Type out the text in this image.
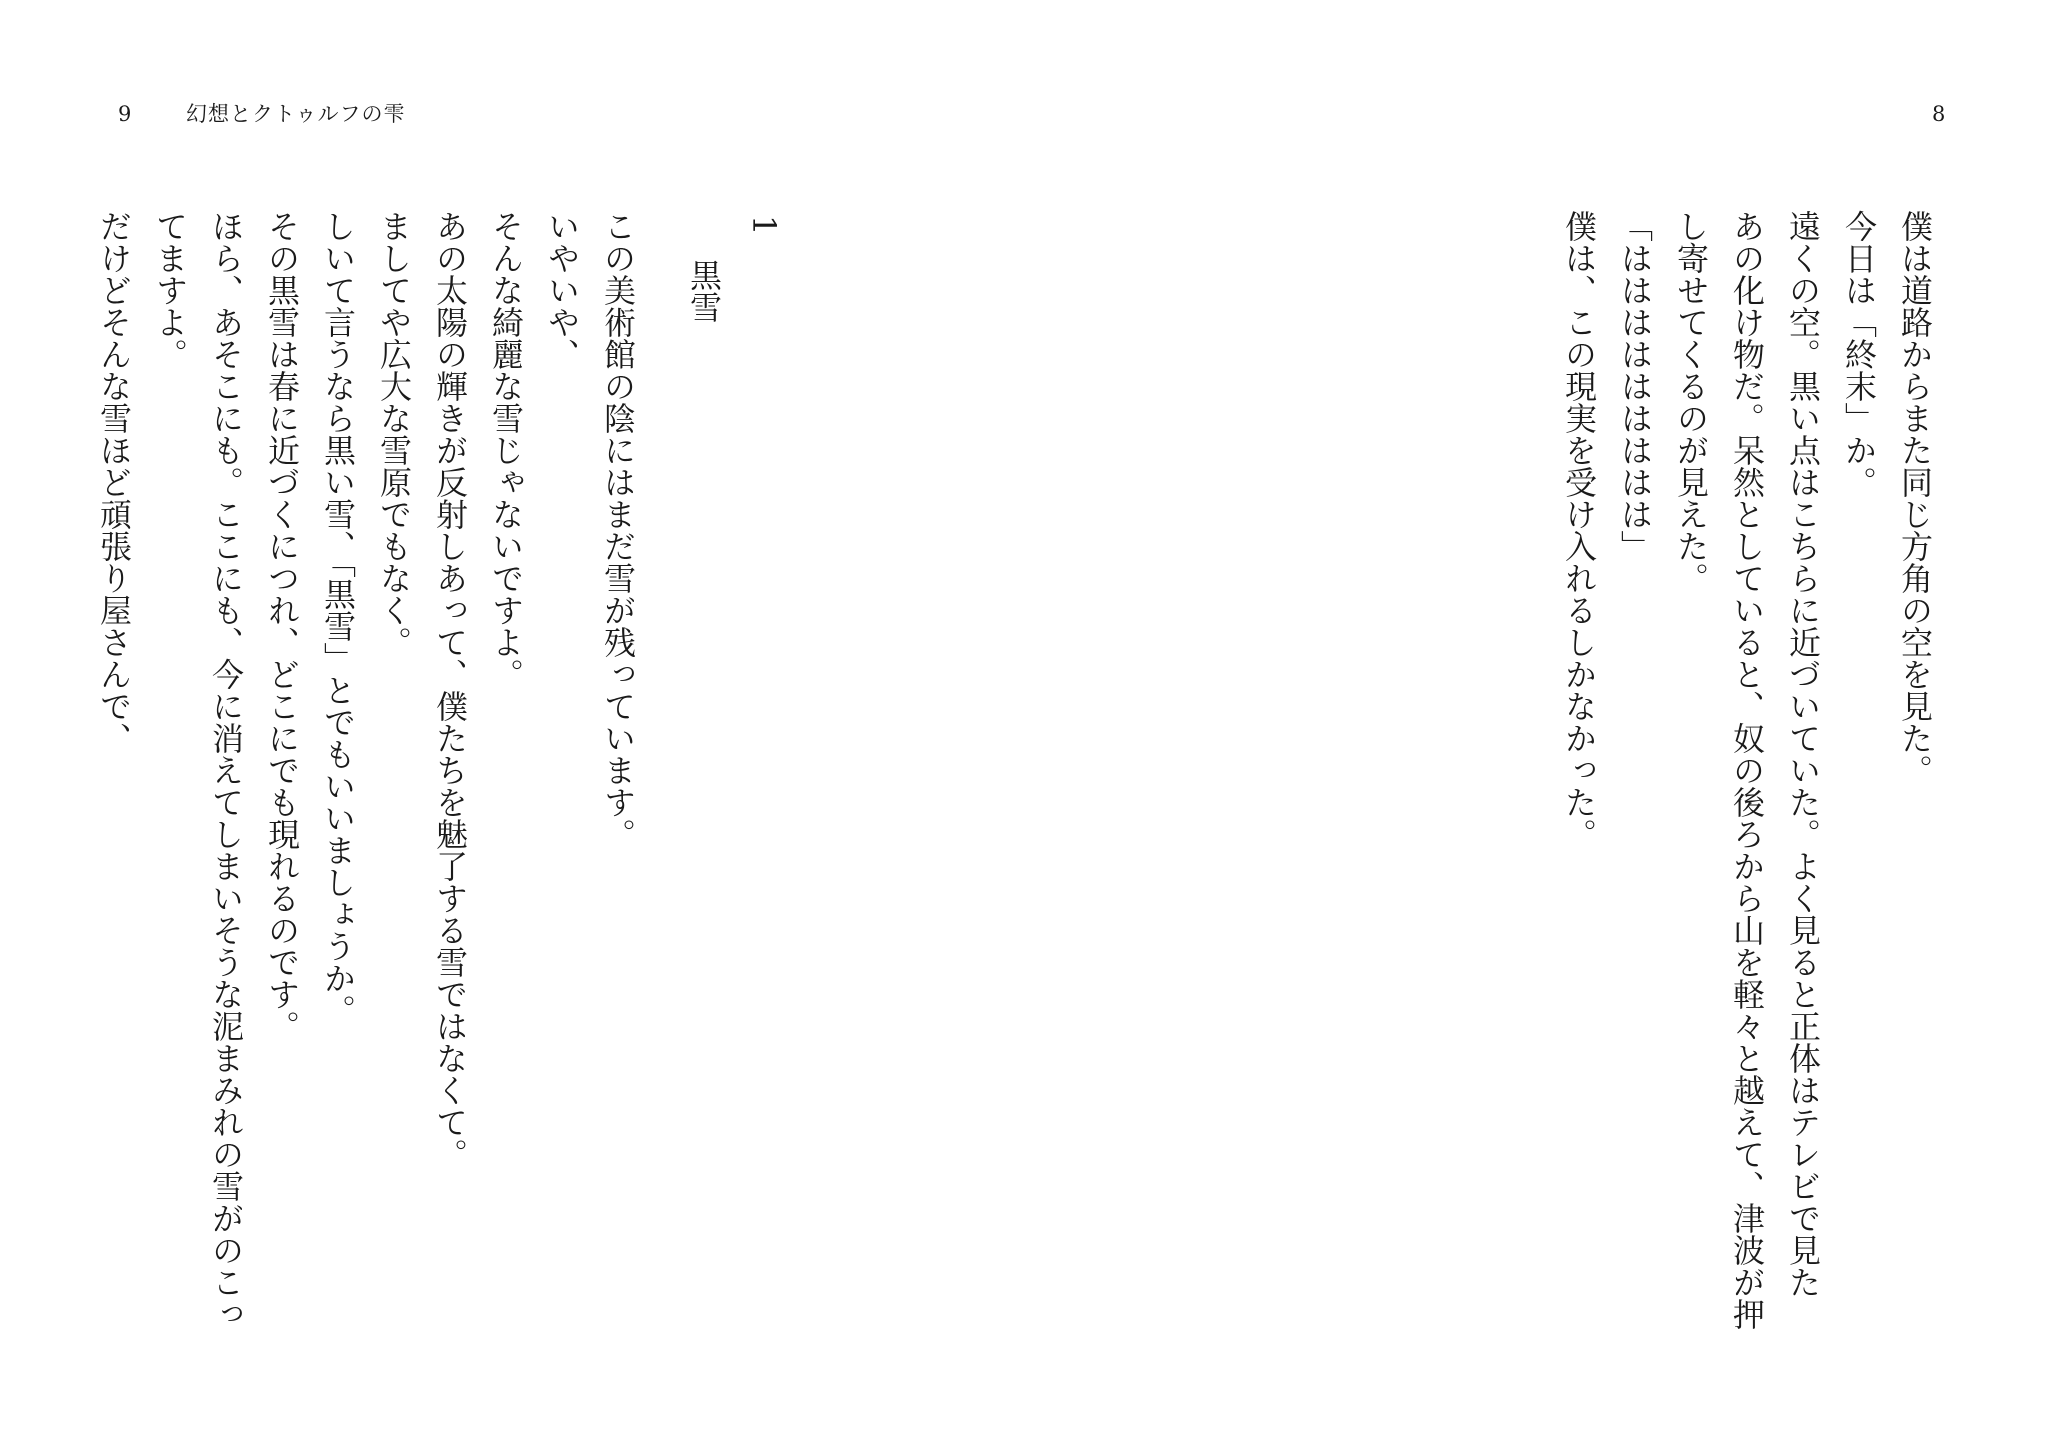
9	幻想とクトゥルフの雫
1
黒雪

この美術館の陰にはまだ雪が残っています。

いやいや、

そんな綺麗な雪じゃないですよ。

あの太陽の輝きが反射しあって、僕たちを魅了する雪ではなくて。

ましてや広大な雪原でもなく。

しいて言うなら黒い雪、「黒雪」とでもいいましょうか。

その黒雪は春に近づくにつれ、どこにでも現れるのです。

ほら、あそこにも。ここにも、今に消えてしまいそうな泥まみれの雪がのこっ

てますよ。

だけどそんな雪ほど頑張り屋さんで、

8

僕は道路からまた同じ方角の空を見た。

今日は「終末」か。

遠くの空。黒い点はこちらに近づいていた。よく見ると正体はテレビで見た

あの化け物だ。呆然としていると、奴の後ろから山を軽々と越えて、津波が押

し寄せてくるのが見えた。

「ははははははははは」

僕は、この現実を受け入れるしかなかった。
